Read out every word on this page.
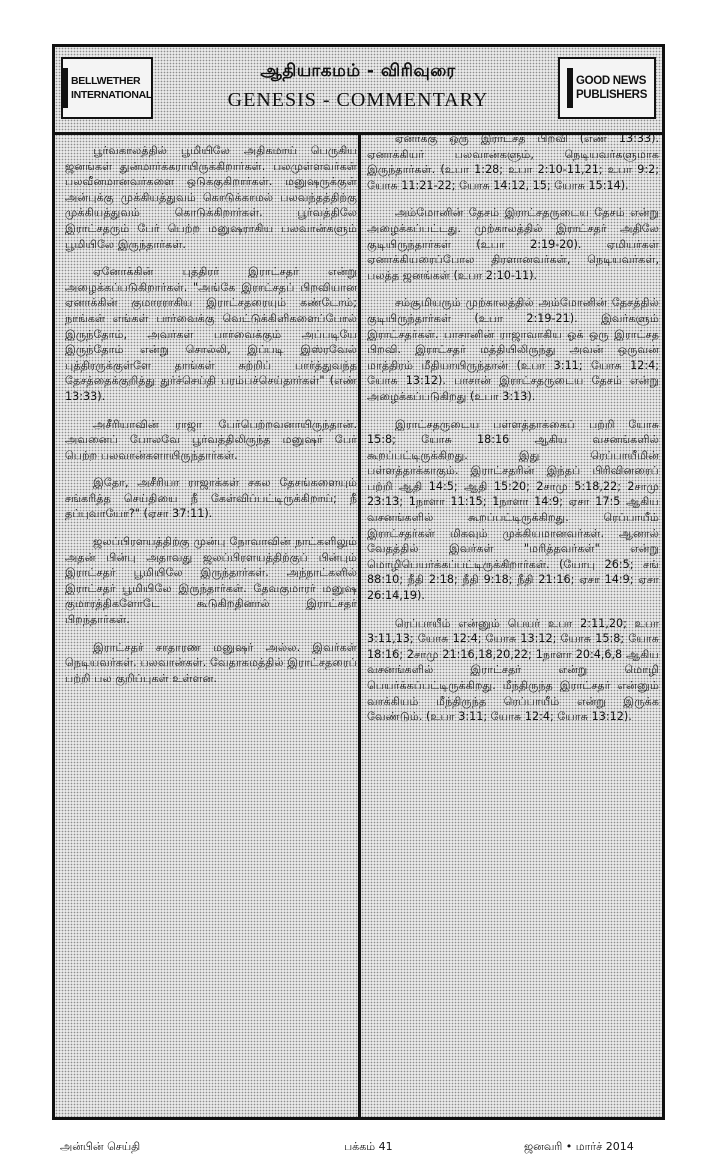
BELLWETHER
INTERNATIONAL
ஆதியாகமம் - விரிவுரை
GENESIS - COMMENTARY
GOOD NEWS
PUBLISHERS

பூர்வகாலத்தில் பூமியிலே அதிகமாய் பெருகிய ஜனங்கள் துன்மார்க்கராயிருக்கிறார்கள். பலமுள்ளவர்கள் பலவீனமானவர்களை ஒடுக்குகிறார்கள். மனுஷருக்குள் அன்புக்கு முக்கியத்துவம் கொடுக்காமல் பலவந்தத்திற்கு முக்கியத்துவம் கொடுக்கிறார்கள். பூர்வத்திலே இராட்சதரும் பேர் பெற்ற மனுஷராகிய பலவான்களும் பூமியிலே இருந்தார்கள்.

ஏனோக்கின் புத்திரர் இராட்சதர் என்று அழைக்கப்படுகிறார்கள். "அங்கே இராட்சதப் பிறவியான ஏனாக்கின் குமாரராகிய இராட்சதரையும் கண்டோம்; நாங்கள் எங்கள் பார்வைக்கு வெட்டுக்கிளிகளைப்போல் இருந்தோம், அவர்கள் பார்வைக்கும் அப்படியே இருந்தோம் என்று சொல்லி, இப்படி இஸ்ரவேல் புத்திரருக்குள்ளே தாங்கள் சுற்றிப் பார்த்துவந்த தேசத்தைக்குறித்து துர்ச்செய்தி பரம்பச்செய்தார்கள்" (எண் 13:33).

அசீரியாவின் ராஜா பேர்பெற்றவனாயிருந்தான். அவனைப் போலவே பூர்வத்திலிருந்த மனுஷர் பேர் பெற்ற பலவான்களாயிருந்தார்கள்.

இதோ, அசீரியா ராஜாக்கள் சகல தேசங்களையும் சங்கரித்த செய்தியை நீ கேள்விப்பட்டிருக்கிறாய்; நீ தப்புவாயோ?" (ஏசா 37:11).

ஜலப்பிரளயத்திற்கு முன்பு நோவாவின் நாட்களிலும் அதன் பின்பு அதாவது ஜலப்பிரளயத்திற்குப் பின்பும் இராட்சதர் பூமியிலே இருந்தார்கள். அந்நாட்களில் இராட்சதர் பூமியிலே இருந்தார்கள். தேவகுமாரர் மனுஷ குமாரத்திகளோடே கூடுகிறதினால் இராட்சதர் பிறந்தார்கள்.

இராட்சதர் சாதாரண மனுஷர் அல்ல. இவர்கள் நெடியவர்கள். பலவான்கள். வேதாகமத்தில் இராட்சதரைப் பற்றி பல குறிப்புகள் உள்ளன.

ஏனாக்கு ஒரு இராட்சத பிறவி (எண் 13:33). ஏனாக்கியர் பலவான்களும், நெடியவர்களுமாக இருந்தார்கள். (உபா 1:28; உபா 2:10-11,21; உபா 9:2; யோசு 11:21-22; யோசு 14:12, 15; யோசு 15:14).

அம்மோனின் தேசம் இராட்சதருடைய தேசம் என்று அழைக்கப்பட்டது. முற்காலத்தில் இராட்சதர் அதிலே குடியிருந்தார்கள் (உபா 2:19-20). ஏமியர்கள் ஏனாக்கியரைப்போல திரளானவர்கள், நெடியவர்கள், பலத்த ஜனங்கள் (உபா 2:10-11).

சம்சூமியரும் முற்காலத்தில் அம்மோனின் தேசத்தில் குடியிருந்தார்கள் (உபா 2:19-21). இவர்களும் இராட்சதர்கள். பாசானின் ராஜாவாகிய ஓக் ஒரு இராட்சத பிறவி. இராட்சதர் மத்தியிலிருந்து அவன் ஒருவன் மாத்திரம் மீதியாயிருந்தான் (உபா 3:11; யோசு 12:4; யோசு 13:12). பாசான் இராட்சதருடைய தேசம் என்று அழைக்கப்படுகிறது (உபா 3:13).

இராட்சதருடைய பள்ளத்தாக்கைப் பற்றி யோசு 15:8; யோசு 18:16 ஆகிய வசனங்களில் கூறப்பட்டிருக்கிறது. இது ரெப்பாயீமின் பள்ளத்தாக்காகும். இராட்சதரின் இந்தப் பிரிவினரைப் பற்றி ஆதி 14:5; ஆதி 15:20; 2சாமு 5:18,22; 2சாமு 23:13; 1நாளா 11:15; 1நாளா 14:9; ஏசா 17:5 ஆகிய வசனங்களில் கூறப்பட்டிருக்கிறது. ரெப்பாயீம் இராட்சதர்கள் மிகவும் முக்கியமானவர்கள். ஆனால் வேதத்தில் இவர்கள் "மரித்தவர்கள்" என்று மொழிபெயர்க்கப்பட்டிருக்கிறார்கள். (யோபு 26:5; சங் 88:10; நீதி 2:18; நீதி 9:18; நீதி 21:16; ஏசா 14:9; ஏசா 26:14,19).

ரெப்பாயீம் என்னும் பெயர் உபா 2:11,20; உபா 3:11,13; யோசு 12:4; யோசு 13:12; யோசு 15:8; யோசு 18:16; 2சாமு 21:16,18,20,22; 1நாளா 20:4,6,8 ஆகிய வசனங்களில் இராட்சதர் என்று மொழி பெயர்க்கப்பட்டிருக்கிறது. மீந்திருந்த இராட்சதர் என்னும் வாக்கியம் மீந்திருந்த ரெப்பாயீம் என்று இருக்க வேண்டும். (உபா 3:11; யோசு 12:4; யோசு 13:12).

அன்பின் செய்தி	பக்கம் 41	ஜனவரி • மார்ச் 2014
